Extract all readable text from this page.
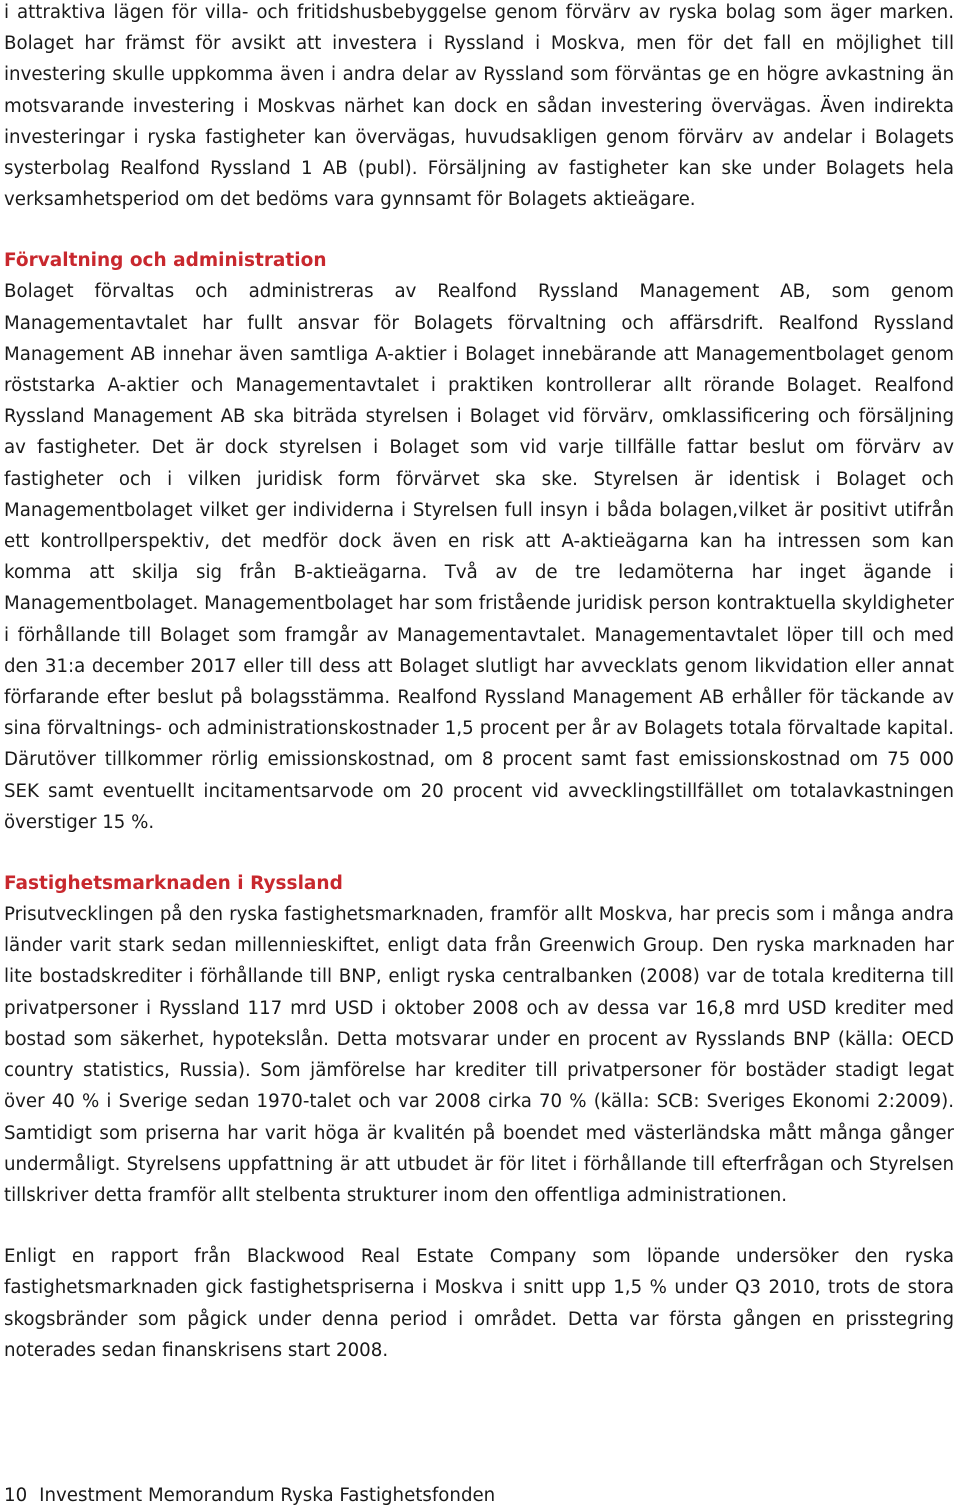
i attraktiva lägen för villa- och fritidshusbebyggelse genom förvärv av ryska bolag som äger marken. Bolaget har främst för avsikt att investera i Ryssland i Moskva, men för det fall en möjlighet till investering skulle uppkomma även i andra delar av Ryssland som förväntas ge en högre avkastning än motsvarande investering i Moskvas närhet kan dock en sådan investering övervägas. Även indirekta investeringar i ryska fastigheter kan övervägas, huvudsakligen genom förvärv av andelar i Bolagets systerbolag Realfond Ryssland 1 AB (publ). Försäljning av fastigheter kan ske under Bolagets hela verksamhetsperiod om det bedöms vara gynnsamt för Bolagets aktieägare.

Förvaltning och administration

Bolaget förvaltas och administreras av Realfond Ryssland Management AB, som genom Managementavtalet har fullt ansvar för Bolagets förvaltning och affärsdrift. Realfond Ryssland Management AB innehar även samtliga A-aktier i Bolaget innebärande att Managementbolaget genom röststarka A-aktier och Managementavtalet i praktiken kontrollerar allt rörande Bolaget. Realfond Ryssland Management AB ska biträda styrelsen i Bolaget vid förvärv, omklassificering och försäljning av fastigheter. Det är dock styrelsen i Bolaget som vid varje tillfälle fattar beslut om förvärv av fastigheter och i vilken juridisk form förvärvet ska ske. Styrelsen är identisk i Bolaget och Managementbolaget vilket ger individerna i Styrelsen full insyn i båda bolagen,vilket är positivt utifrån ett kontrollperspektiv, det medför dock även en risk att A-aktieägarna kan ha intressen som kan komma att skilja sig från B-aktieägarna. Två av de tre ledamöterna har inget ägande i Managementbolaget. Managementbolaget har som fristående juridisk person kontraktuella skyldigheter i förhållande till Bolaget som framgår av Managementavtalet. Managementavtalet löper till och med den 31:a december 2017 eller till dess att Bolaget slutligt har avvecklats genom likvidation eller annat förfarande efter beslut på bolagsstämma. Realfond Ryssland Management AB erhåller för täckande av sina förvaltnings- och administrationskostnader 1,5 procent per år av Bolagets totala förvaltade kapital. Därutöver tillkommer rörlig emissionskostnad, om 8 procent samt fast emissionskostnad om 75 000 SEK samt eventuellt incitamentsarvode om 20 procent vid avvecklingstillfället om totalavkastningen överstiger 15 %.

Fastighetsmarknaden i Ryssland

Prisutvecklingen på den ryska fastighetsmarknaden, framför allt Moskva, har precis som i många andra länder varit stark sedan millennieskiftet, enligt data från Greenwich Group. Den ryska marknaden har lite bostadskrediter i förhållande till BNP, enligt ryska centralbanken (2008) var de totala krediterna till privatpersoner i Ryssland 117 mrd USD i oktober 2008 och av dessa var 16,8 mrd USD krediter med bostad som säkerhet, hypotekslån. Detta motsvarar under en procent av Rysslands BNP (källa: OECD country statistics, Russia). Som jämförelse har krediter till privatpersoner för bostäder stadigt legat över 40 % i Sverige sedan 1970-talet och var 2008 cirka 70 % (källa: SCB: Sveriges Ekonomi 2:2009). Samtidigt som priserna har varit höga är kvalitén på boendet med västerländska mått många gånger undermåligt. Styrelsens uppfattning är att utbudet är för litet i förhållande till efterfrågan och Styrelsen tillskriver detta framför allt stelbenta strukturer inom den offentliga administrationen.

Enligt en rapport från Blackwood Real Estate Company som löpande undersöker den ryska fastighetsmarknaden gick fastighetspriserna i Moskva i snitt upp 1,5 % under Q3 2010, trots de stora skogsbränder som pågick under denna period i området. Detta var första gången en prisstegring noterades sedan finanskrisens start 2008.

10 Investment Memorandum Ryska Fastighetsfonden
